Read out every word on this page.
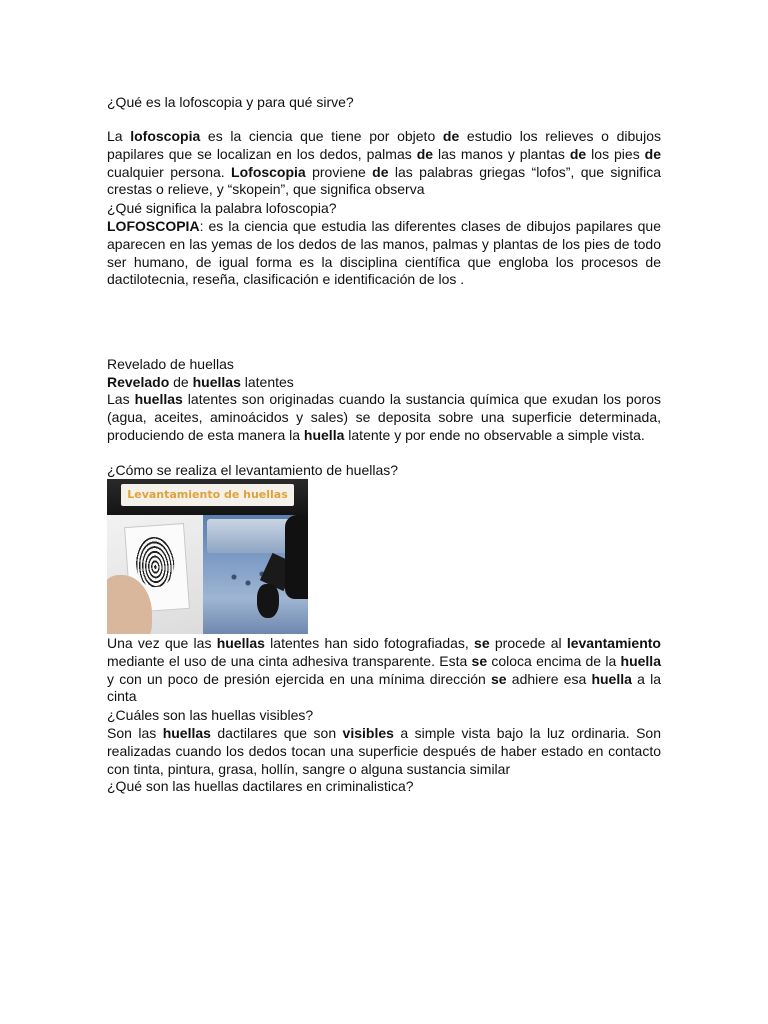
¿Qué es la lofoscopia y para qué sirve?

La lofoscopia es la ciencia que tiene por objeto de estudio los relieves o dibujos papilares que se localizan en los dedos, palmas de las manos y plantas de los pies de cualquier persona. Lofoscopia proviene de las palabras griegas “lofos”, que significa crestas o relieve, y “skopein”, que significa observa

¿Qué significa la palabra lofoscopia?

LOFOSCOPIA: es la ciencia que estudia las diferentes clases de dibujos papilares que aparecen en las yemas de los dedos de las manos, palmas y plantas de los pies de todo ser humano, de igual forma es la disciplina científica que engloba los procesos de dactilotecnia, reseña, clasificación e identificación de los .

Revelado de huellas

Revelado de huellas latentes

Las huellas latentes son originadas cuando la sustancia química que exudan los poros (agua, aceites, aminoácidos y sales) se deposita sobre una superficie determinada, produciendo de esta manera la huella latente y por ende no observable a simple vista.

¿Cómo se realiza el levantamiento de huellas?

Levantamiento de huellas

Una vez que las huellas latentes han sido fotografiadas, se procede al levantamiento mediante el uso de una cinta adhesiva transparente. Esta se coloca encima de la huella y con un poco de presión ejercida en una mínima dirección se adhiere esa huella a la cinta

¿Cuáles son las huellas visibles?

Son las huellas dactilares que son visibles a simple vista bajo la luz ordinaria. Son realizadas cuando los dedos tocan una superficie después de haber estado en contacto con tinta, pintura, grasa, hollín, sangre o alguna sustancia similar

¿Qué son las huellas dactilares en criminalistica?
